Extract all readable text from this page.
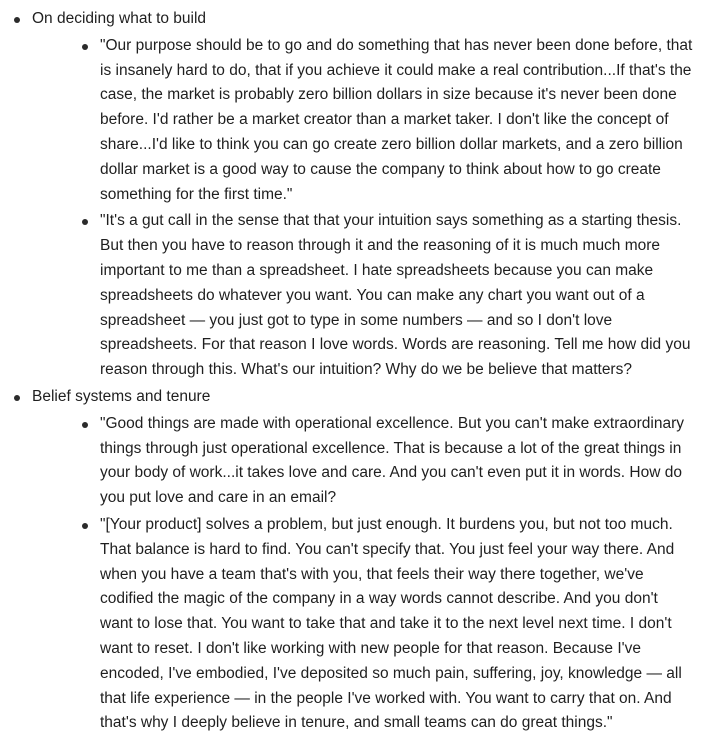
On deciding what to build
"Our purpose should be to go and do something that has never been done before, that is insanely hard to do, that if you achieve it could make a real contribution...If that's the case, the market is probably zero billion dollars in size because it's never been done before. I'd rather be a market creator than a market taker. I don't like the concept of share...I'd like to think you can go create zero billion dollar markets, and a zero billion dollar market is a good way to cause the company to think about how to go create something for the first time."
"It's a gut call in the sense that that your intuition says something as a starting thesis. But then you have to reason through it and the reasoning of it is much much more important to me than a spreadsheet. I hate spreadsheets because you can make spreadsheets do whatever you want. You can make any chart you want out of a spreadsheet — you just got to type in some numbers — and so I don't love spreadsheets. For that reason I love words. Words are reasoning. Tell me how did you reason through this. What's our intuition? Why do we be believe that matters?
Belief systems and tenure
"Good things are made with operational excellence. But you can't make extraordinary things through just operational excellence. That is because a lot of the great things in your body of work...it takes love and care. And you can't even put it in words. How do you put love and care in an email?
"[Your product] solves a problem, but just enough. It burdens you, but not too much. That balance is hard to find. You can't specify that. You just feel your way there. And when you have a team that's with you, that feels their way there together, we've codified the magic of the company in a way words cannot describe. And you don't want to lose that. You want to take that and take it to the next level next time. I don't want to reset. I don't like working with new people for that reason. Because I've encoded, I've embodied, I've deposited so much pain, suffering, joy, knowledge — all that life experience — in the people I've worked with. You want to carry that on. And that's why I deeply believe in tenure, and small teams can do great things."
